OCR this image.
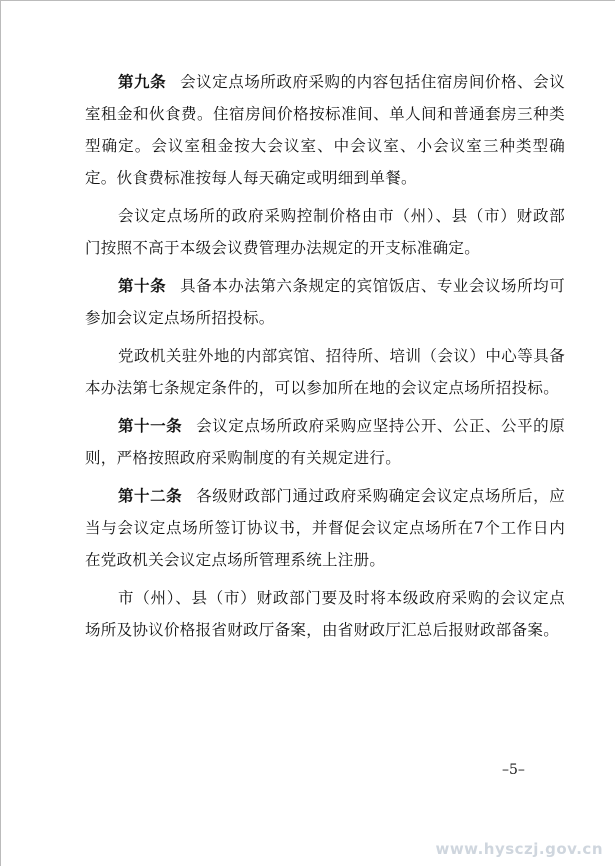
第九条 会议定点场所政府采购的内容包括住宿房间价格、会议室租金和伙食费。住宿房间价格按标准间、单人间和普通套房三种类型确定。会议室租金按大会议室、中会议室、小会议室三种类型确定。伙食费标准按每人每天确定或明细到单餐。

会议定点场所的政府采购控制价格由市（州）、县（市）财政部门按照不高于本级会议费管理办法规定的开支标准确定。

第十条 具备本办法第六条规定的宾馆饭店、专业会议场所均可参加会议定点场所招投标。

党政机关驻外地的内部宾馆、招待所、培训（会议）中心等具备本办法第七条规定条件的，可以参加所在地的会议定点场所招投标。

第十一条 会议定点场所政府采购应坚持公开、公正、公平的原则，严格按照政府采购制度的有关规定进行。

第十二条 各级财政部门通过政府采购确定会议定点场所后，应当与会议定点场所签订协议书，并督促会议定点场所在7个工作日内在党政机关会议定点场所管理系统上注册。

市（州）、县（市）财政部门要及时将本级政府采购的会议定点场所及协议价格报省财政厅备案，由省财政厅汇总后报财政部备案。

–5–
www.hysczj.gov.cn
